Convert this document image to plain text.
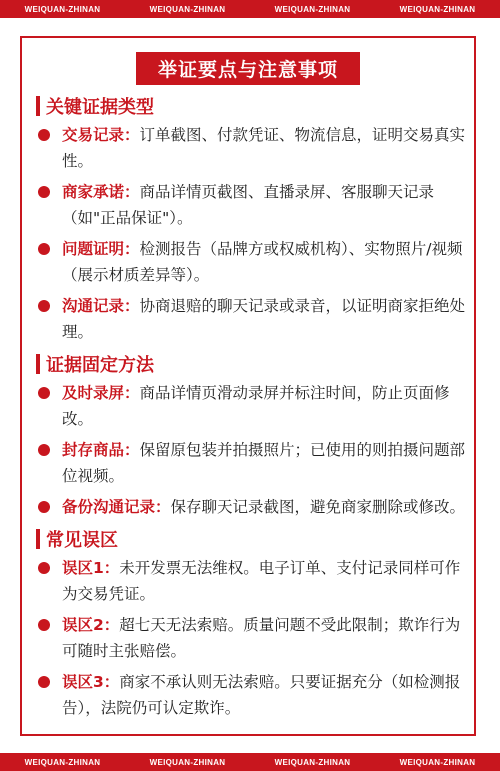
WEIQUAN-ZHINAN	WEIQUAN-ZHINAN	WEIQUAN-ZHINAN	WEIQUAN-ZHINAN
举证要点与注意事项
关键证据类型
交易记录：订单截图、付款凭证、物流信息，证明交易真实性。
商家承诺：商品详情页截图、直播录屏、客服聊天记录（如"正品保证"）。
问题证明：检测报告（品牌方或权威机构）、实物照片/视频（展示材质差异等）。
沟通记录：协商退赔的聊天记录或录音，以证明商家拒绝处理。
证据固定方法
及时录屏：商品详情页滑动录屏并标注时间，防止页面修改。
封存商品：保留原包装并拍摄照片；已使用的则拍摄问题部位视频。
备份沟通记录：保存聊天记录截图，避免商家删除或修改。
常见误区
误区1：未开发票无法维权。电子订单、支付记录同样可作为交易凭证。
误区2：超七天无法索赔。质量问题不受此限制；欺诈行为可随时主张赔偿。
误区3：商家不承认则无法索赔。只要证据充分（如检测报告），法院仍可认定欺诈。
WEIQUAN-ZHINAN	WEIQUAN-ZHINAN	WEIQUAN-ZHINAN	WEIQUAN-ZHINAN
